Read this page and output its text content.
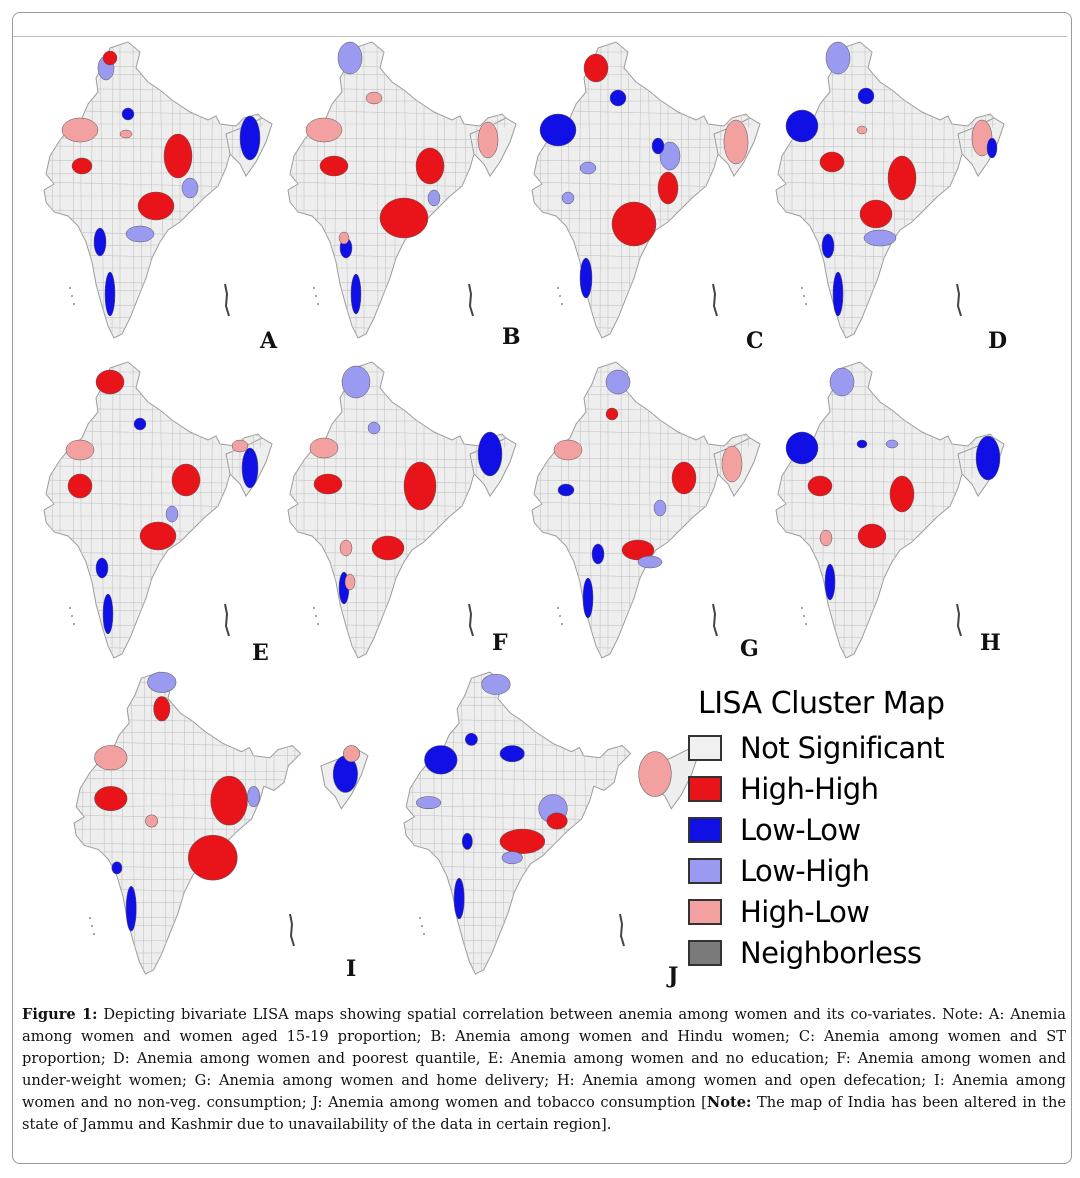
A	B	C	D
E	F	G	H
I	J
LISA Cluster Map
Not Significant
High-High
Low-Low
Low-High
High-Low
Neighborless
Figure 1: Depicting bivariate LISA maps showing spatial correlation between anemia among women and its co-variates. Note: A: Anemia among women and women aged 15-19 proportion; B: Anemia among women and Hindu women; C: Anemia among women and ST proportion; D: Anemia among women and poorest quantile, E: Anemia among women and no education; F: Anemia among women and under-weight women; G: Anemia among women and home delivery; H: Anemia among women and open defecation; I: Anemia among women and no non-veg. consumption; J: Anemia among women and tobacco consumption [Note: The map of India has been altered in the state of Jammu and Kashmir due to unavailability of the data in certain region].
